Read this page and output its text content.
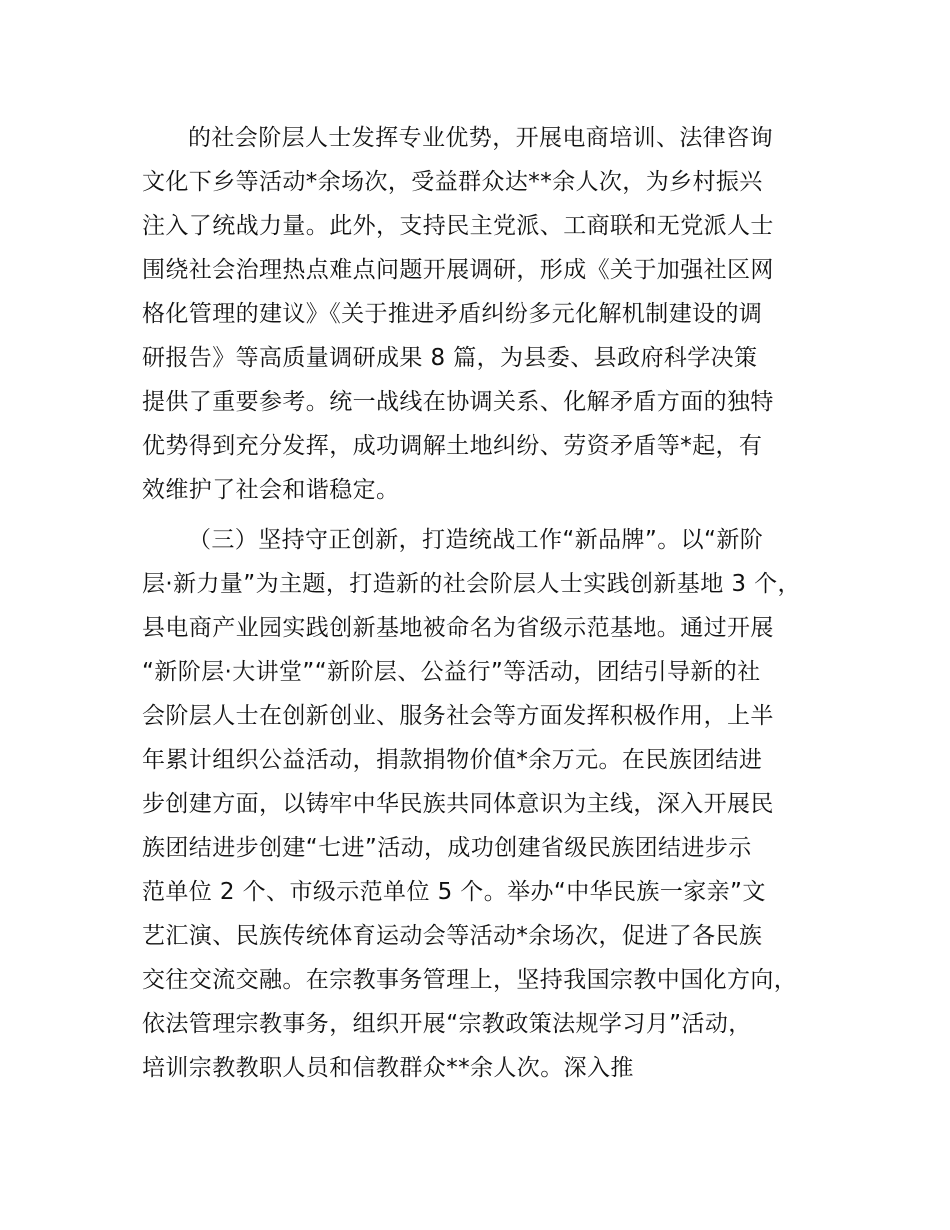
的社会阶层人士发挥专业优势，开展电商培训、法律咨询
文化下乡等活动*余场次，受益群众达**余人次，为乡村振兴
注入了统战力量。此外，支持民主党派、工商联和无党派人士
围绕社会治理热点难点问题开展调研，形成《关于加强社区网
格化管理的建议》《关于推进矛盾纠纷多元化解机制建设的调
研报告》等高质量调研成果 8 篇，为县委、县政府科学决策
提供了重要参考。统一战线在协调关系、化解矛盾方面的独特
优势得到充分发挥，成功调解土地纠纷、劳资矛盾等*起，有
效维护了社会和谐稳定。
（三）坚持守正创新，打造统战工作“新品牌”。以“新阶
层·新力量”为主题，打造新的社会阶层人士实践创新基地 3 个，
县电商产业园实践创新基地被命名为省级示范基地。通过开展
“新阶层·大讲堂”“新阶层、公益行”等活动，团结引导新的社
会阶层人士在创新创业、服务社会等方面发挥积极作用，上半
年累计组织公益活动，捐款捐物价值*余万元。在民族团结进
步创建方面，以铸牢中华民族共同体意识为主线，深入开展民
族团结进步创建“七进”活动，成功创建省级民族团结进步示
范单位 2 个、市级示范单位 5 个。举办“中华民族一家亲”文
艺汇演、民族传统体育运动会等活动*余场次，促进了各民族
交往交流交融。在宗教事务管理上，坚持我国宗教中国化方向，
依法管理宗教事务，组织开展“宗教政策法规学习月”活动，
培训宗教教职人员和信教群众**余人次。深入推
